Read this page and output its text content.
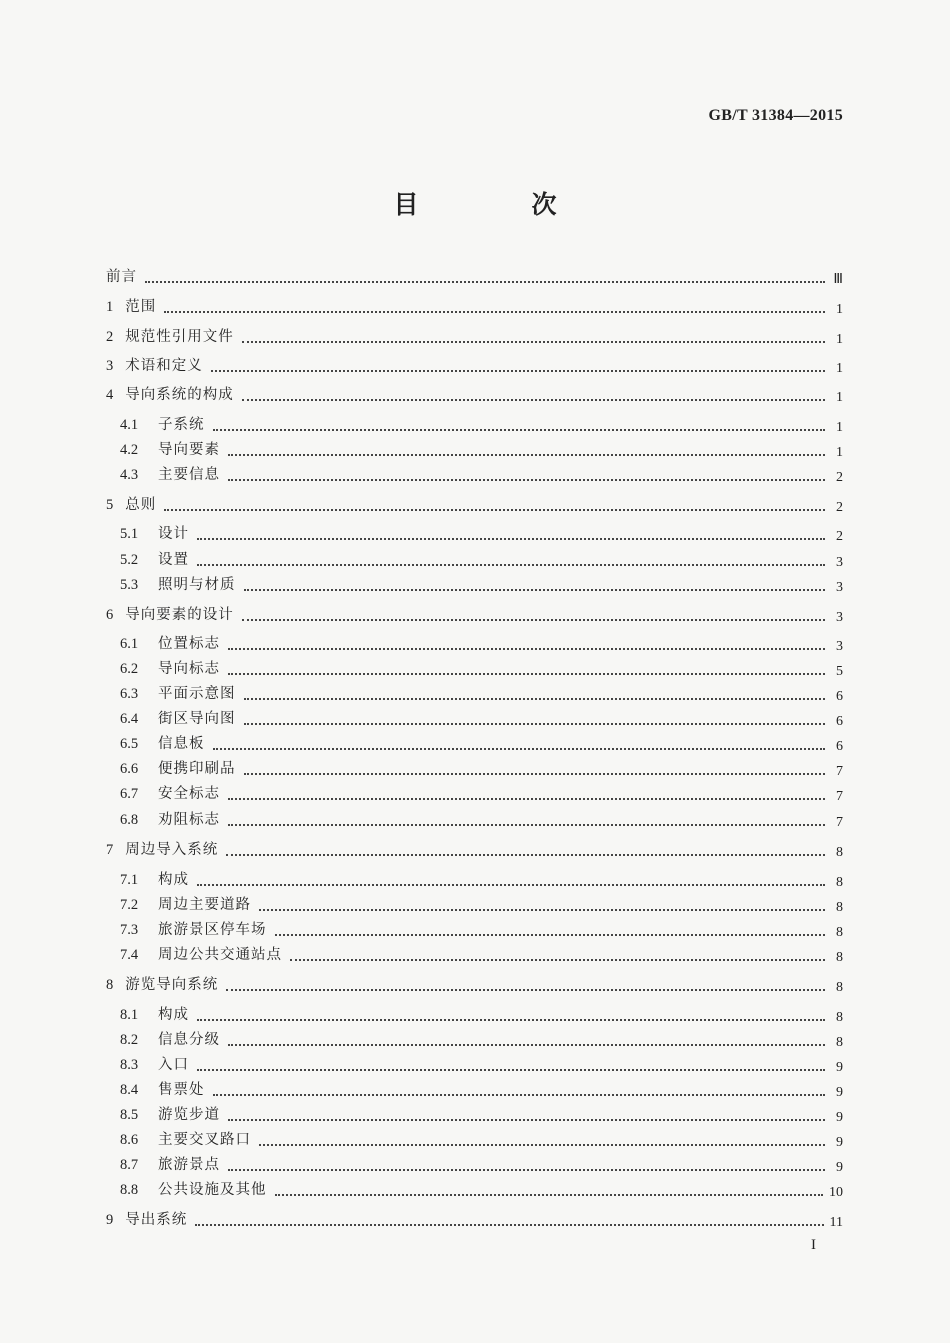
GB/T 31384—2015
目　次
前言	Ⅲ
1 范围	1
2 规范性引用文件	1
3 术语和定义	1
4 导向系统的构成	1
4.1	子系统	1
4.2	导向要素	1
4.3	主要信息	2
5 总则	2
5.1	设计	2
5.2	设置	3
5.3	照明与材质	3
6 导向要素的设计	3
6.1	位置标志	3
6.2	导向标志	5
6.3	平面示意图	6
6.4	街区导向图	6
6.5	信息板	6
6.6	便携印刷品	7
6.7	安全标志	7
6.8	劝阻标志	7
7 周边导入系统	8
7.1	构成	8
7.2	周边主要道路	8
7.3	旅游景区停车场	8
7.4	周边公共交通站点	8
8 游览导向系统	8
8.1	构成	8
8.2	信息分级	8
8.3	入口	9
8.4	售票处	9
8.5	游览步道	9
8.6	主要交叉路口	9
8.7	旅游景点	9
8.8	公共设施及其他	10
9 导出系统	11
I
